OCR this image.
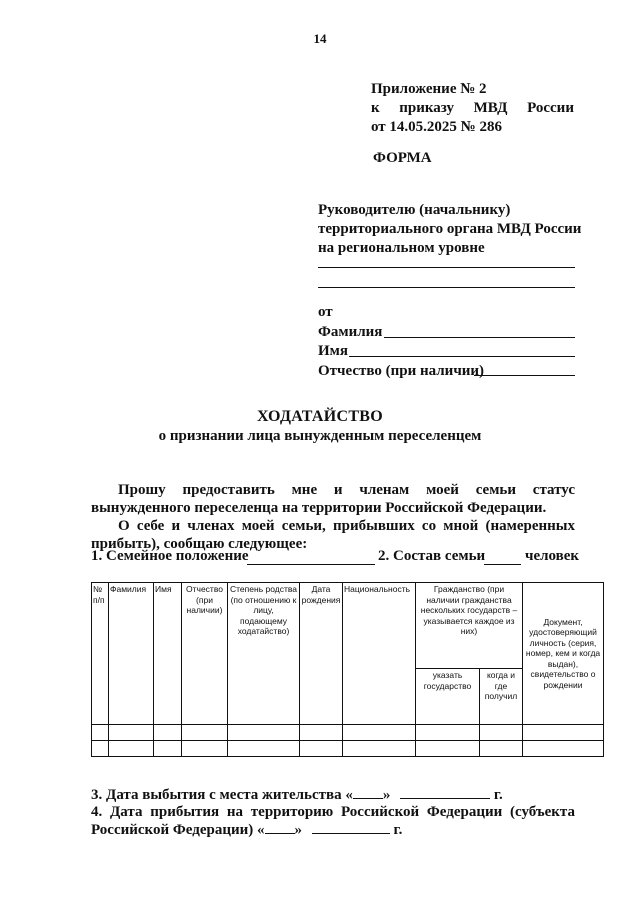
14
Приложение № 2
к приказу МВД России
от 14.05.2025 № 286
ФОРМА
Руководителю (начальнику)
территориального органа МВД России
на региональном уровне
от
Фамилия
Имя
Отчество (при наличии)
ХОДАТАЙСТВО
о признании лица вынужденным переселенцем
Прошу предоставить мне и членам моей семьи статус вынужденного переселенца на территории Российской Федерации.
О себе и членах моей семьи, прибывших со мной (намеренных прибыть), сообщаю следующее:
1. Семейное положение	2. Состав семьи	человек
№ п/п	Фамилия	Имя	Отчество (при наличии)	Степень родства (по отношению к лицу, подающему ходатайство)	Дата рождения	Национальность	Гражданство (при наличии гражданства нескольких государств – указывается каждое из них)		Документ, удостоверяющий личность (серия, номер, кем и когда выдан), свидетельство о рождении
							указать государство	когда и где получил	

3. Дата выбытия с места жительства « »	г.
4. Дата прибытия на территорию Российской Федерации (субъекта
Российской Федерации) « »	г.
